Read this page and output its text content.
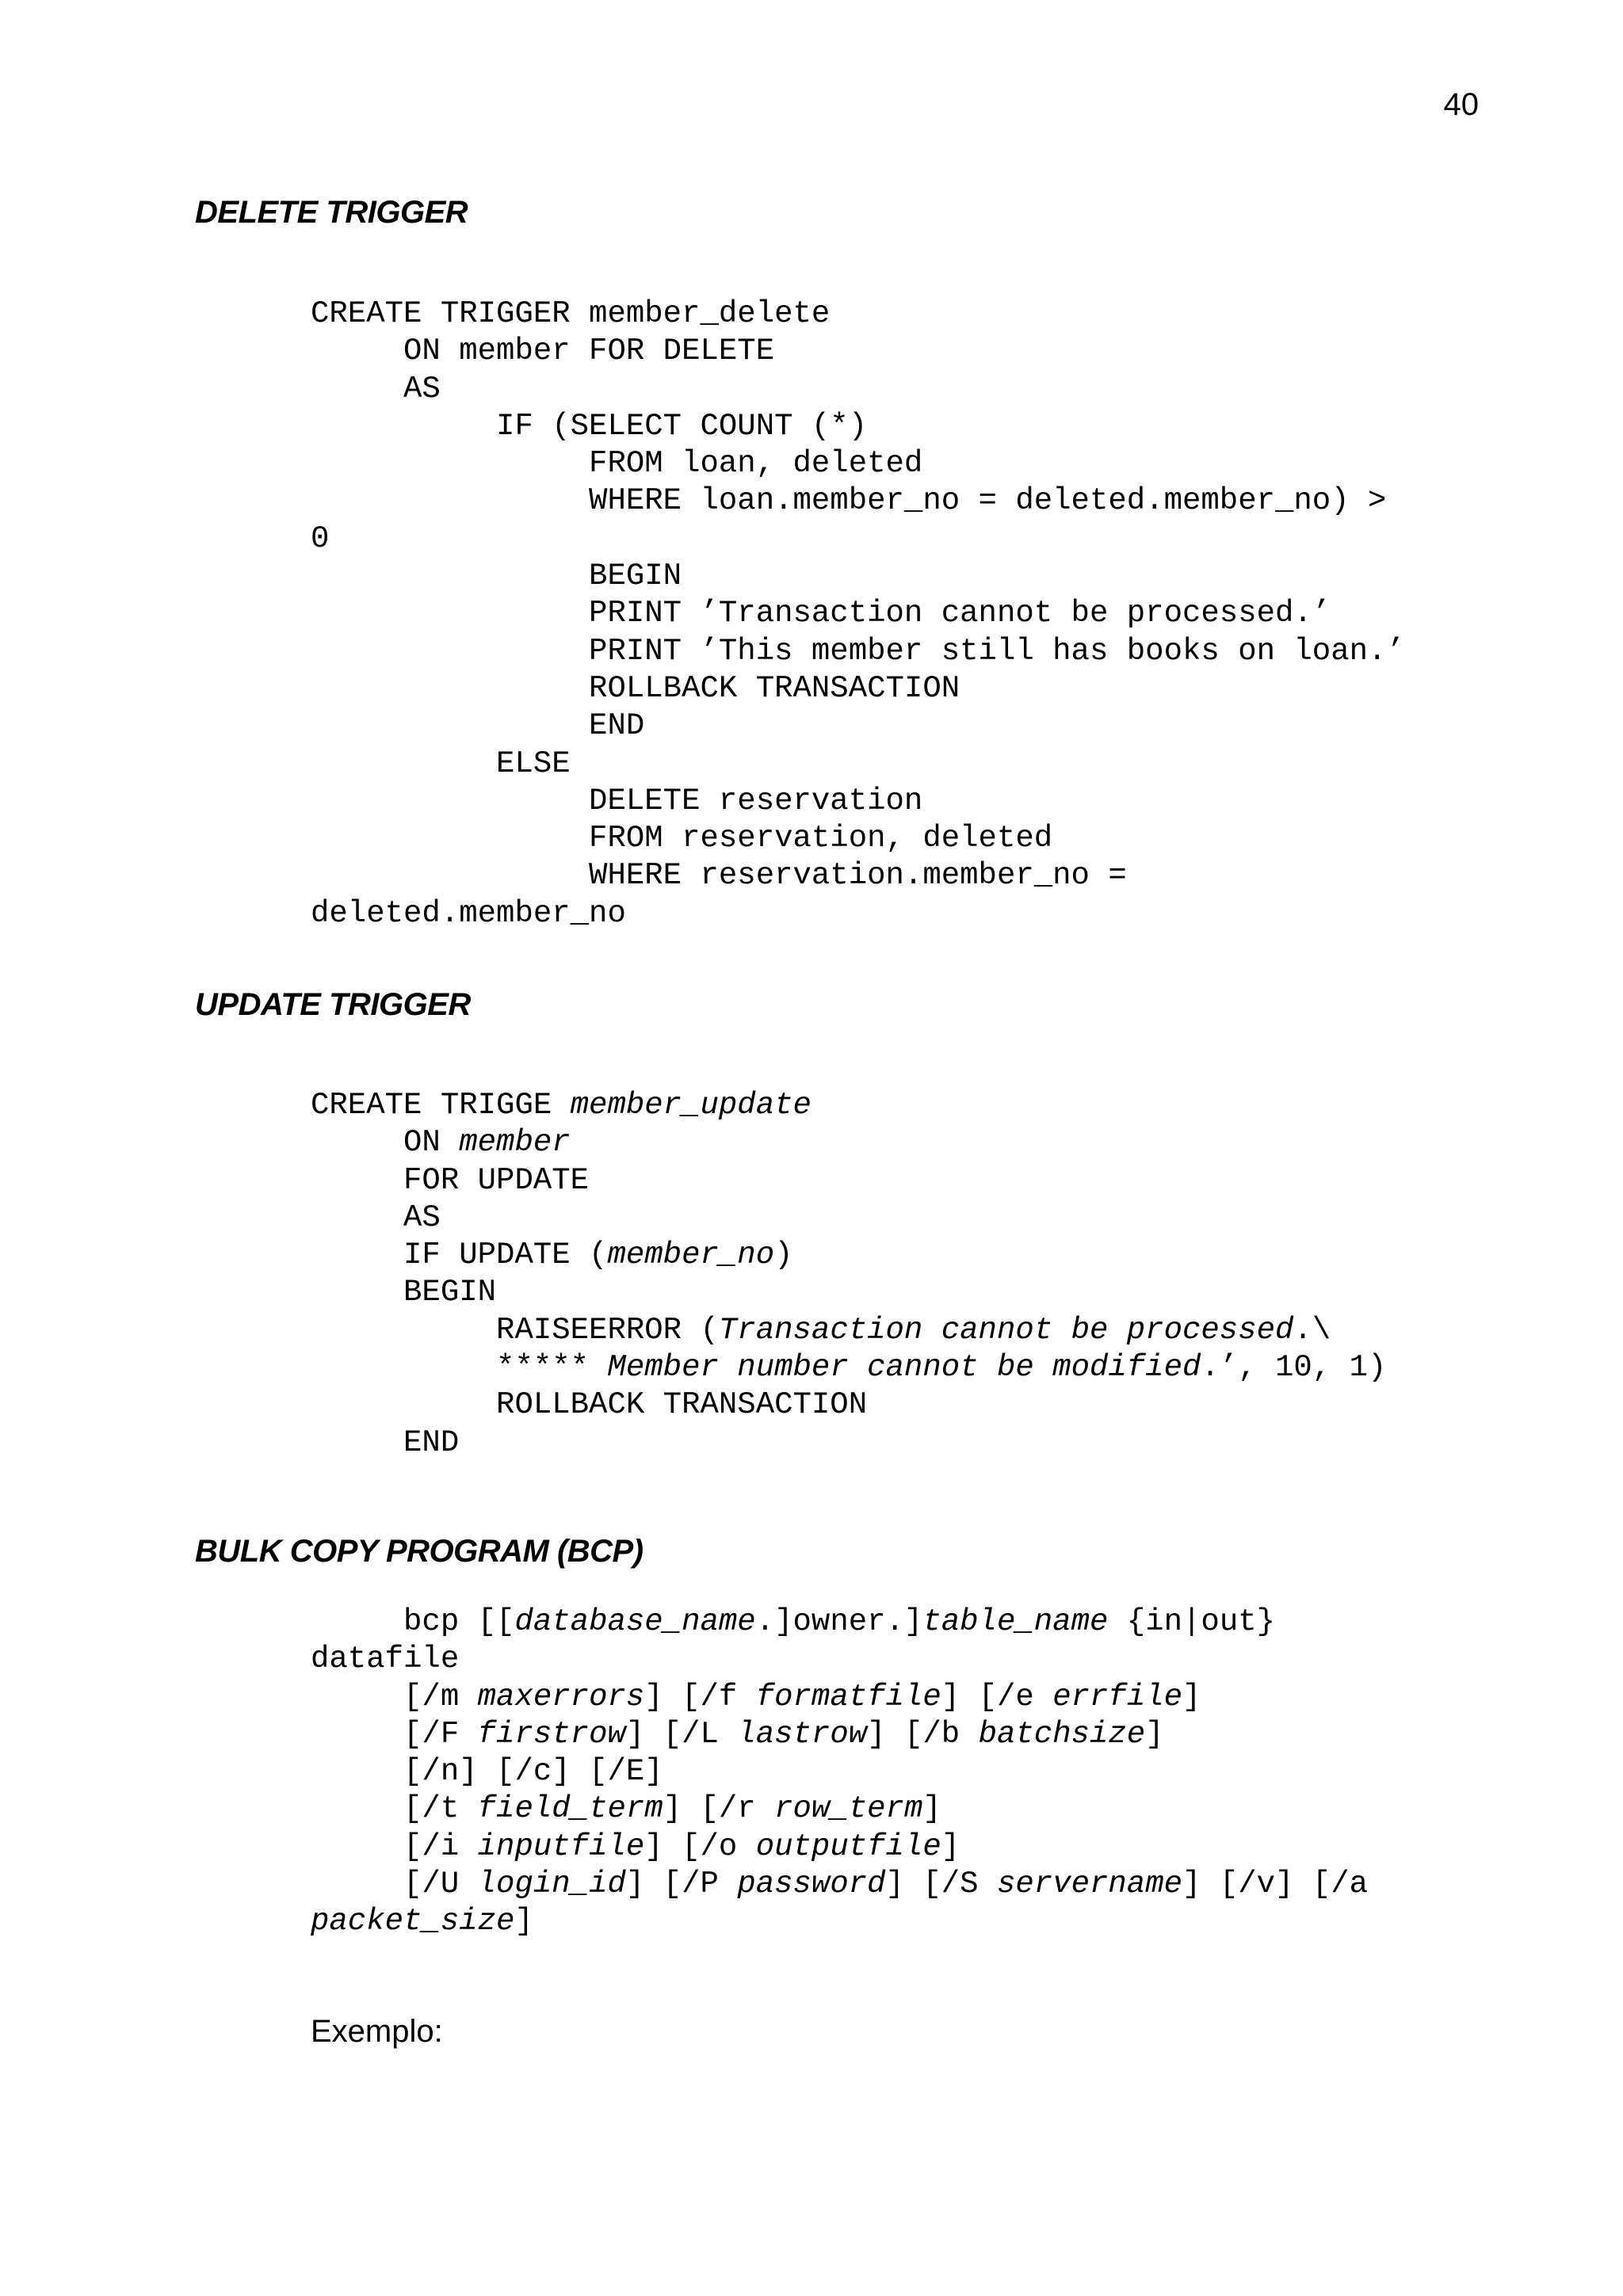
40
DELETE TRIGGER
CREATE TRIGGER member_delete
ON member FOR DELETE
AS
IF (SELECT COUNT (*)
FROM loan, deleted
WHERE loan.member_no = deleted.member_no) >
0
BEGIN
PRINT ’Transaction cannot be processed.’
PRINT ’This member still has books on loan.’
ROLLBACK TRANSACTION
END
ELSE
DELETE reservation
FROM reservation, deleted
WHERE reservation.member_no =
deleted.member_no
UPDATE TRIGGER
CREATE TRIGGE member_update
ON member
FOR UPDATE
AS
IF UPDATE (member_no)
BEGIN
RAISEERROR (Transaction cannot be processed.\
***** Member number cannot be modified.’, 10, 1)
ROLLBACK TRANSACTION
END
BULK COPY PROGRAM (BCP)
bcp [[database_name.]owner.]table_name {in|out}
datafile
[/m maxerrors] [/f formatfile] [/e errfile]
[/F firstrow] [/L lastrow] [/b batchsize]
[/n] [/c] [/E]
[/t field_term] [/r row_term]
[/i inputfile] [/o outputfile]
[/U login_id] [/P password] [/S servername] [/v] [/a
packet_size]
Exemplo:
